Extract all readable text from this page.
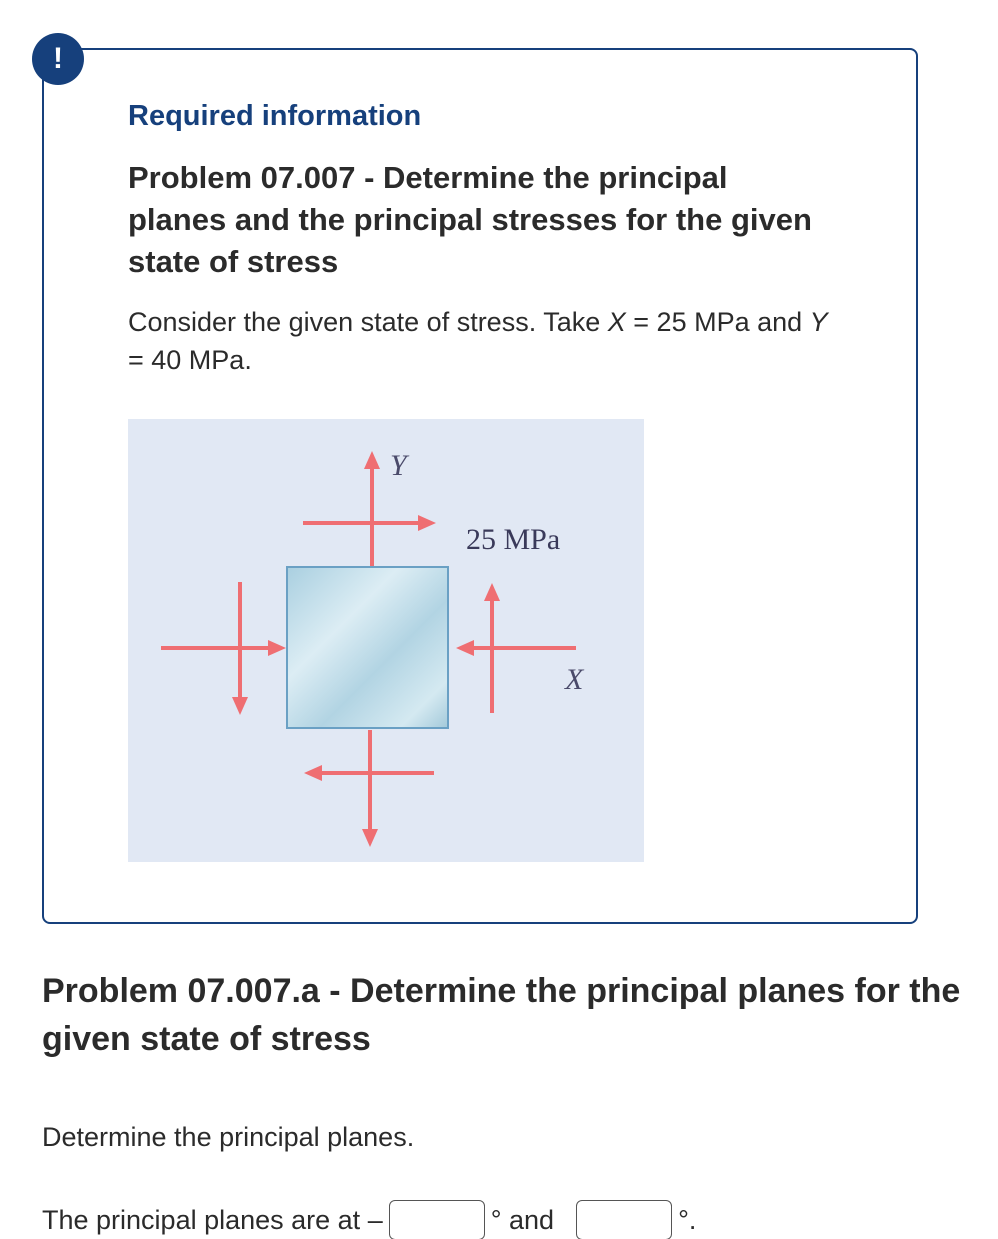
!
Required information
Problem 07.007 - Determine the principal planes and the principal stresses for the given state of stress

Consider the given state of stress. Take X = 25 MPa and Y = 40 MPa.

Y
25 MPa
X
Problem 07.007.a - Determine the principal planes for the given state of stress

Determine the principal planes.

The principal planes are at –	° and	°.
